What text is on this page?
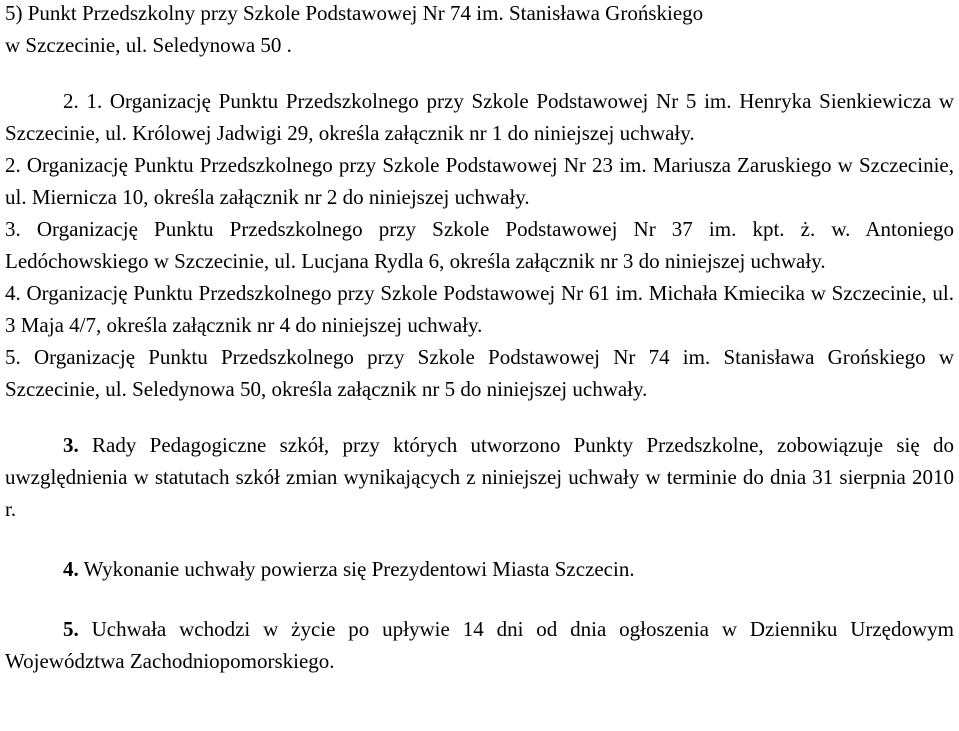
5) Punkt Przedszkolny przy Szkole Podstawowej Nr 74 im. Stanisława Grońskiego
w Szczecinie, ul. Seledynowa 50 .

2. 1. Organizację Punktu Przedszkolnego przy Szkole Podstawowej Nr 5 im. Henryka Sienkiewicza w Szczecinie, ul. Królowej Jadwigi 29, określa załącznik nr 1 do niniejszej uchwały.

2. Organizację Punktu Przedszkolnego przy Szkole Podstawowej Nr 23 im. Mariusza Zaruskiego w Szczecinie, ul. Miernicza 10, określa załącznik nr 2 do niniejszej uchwały.

3. Organizację Punktu Przedszkolnego przy Szkole Podstawowej Nr 37 im. kpt. ż. w. Antoniego Ledóchowskiego w Szczecinie, ul. Lucjana Rydla 6, określa załącznik nr 3 do niniejszej uchwały.

4. Organizację Punktu Przedszkolnego przy Szkole Podstawowej Nr 61 im. Michała Kmiecika w Szczecinie, ul. 3 Maja 4/7, określa załącznik nr 4 do niniejszej uchwały.

5. Organizację Punktu Przedszkolnego przy Szkole Podstawowej Nr 74 im. Stanisława Grońskiego w Szczecinie, ul. Seledynowa 50, określa załącznik nr 5 do niniejszej uchwały.

3. Rady Pedagogiczne szkół, przy których utworzono Punkty Przedszkolne, zobowiązuje się do uwzględnienia w statutach szkół zmian wynikających z niniejszej uchwały w terminie do dnia 31 sierpnia 2010 r.

4. Wykonanie uchwały powierza się Prezydentowi Miasta Szczecin.

5. Uchwała wchodzi w życie po upływie 14 dni od dnia ogłoszenia w Dzienniku Urzędowym Województwa Zachodniopomorskiego.
